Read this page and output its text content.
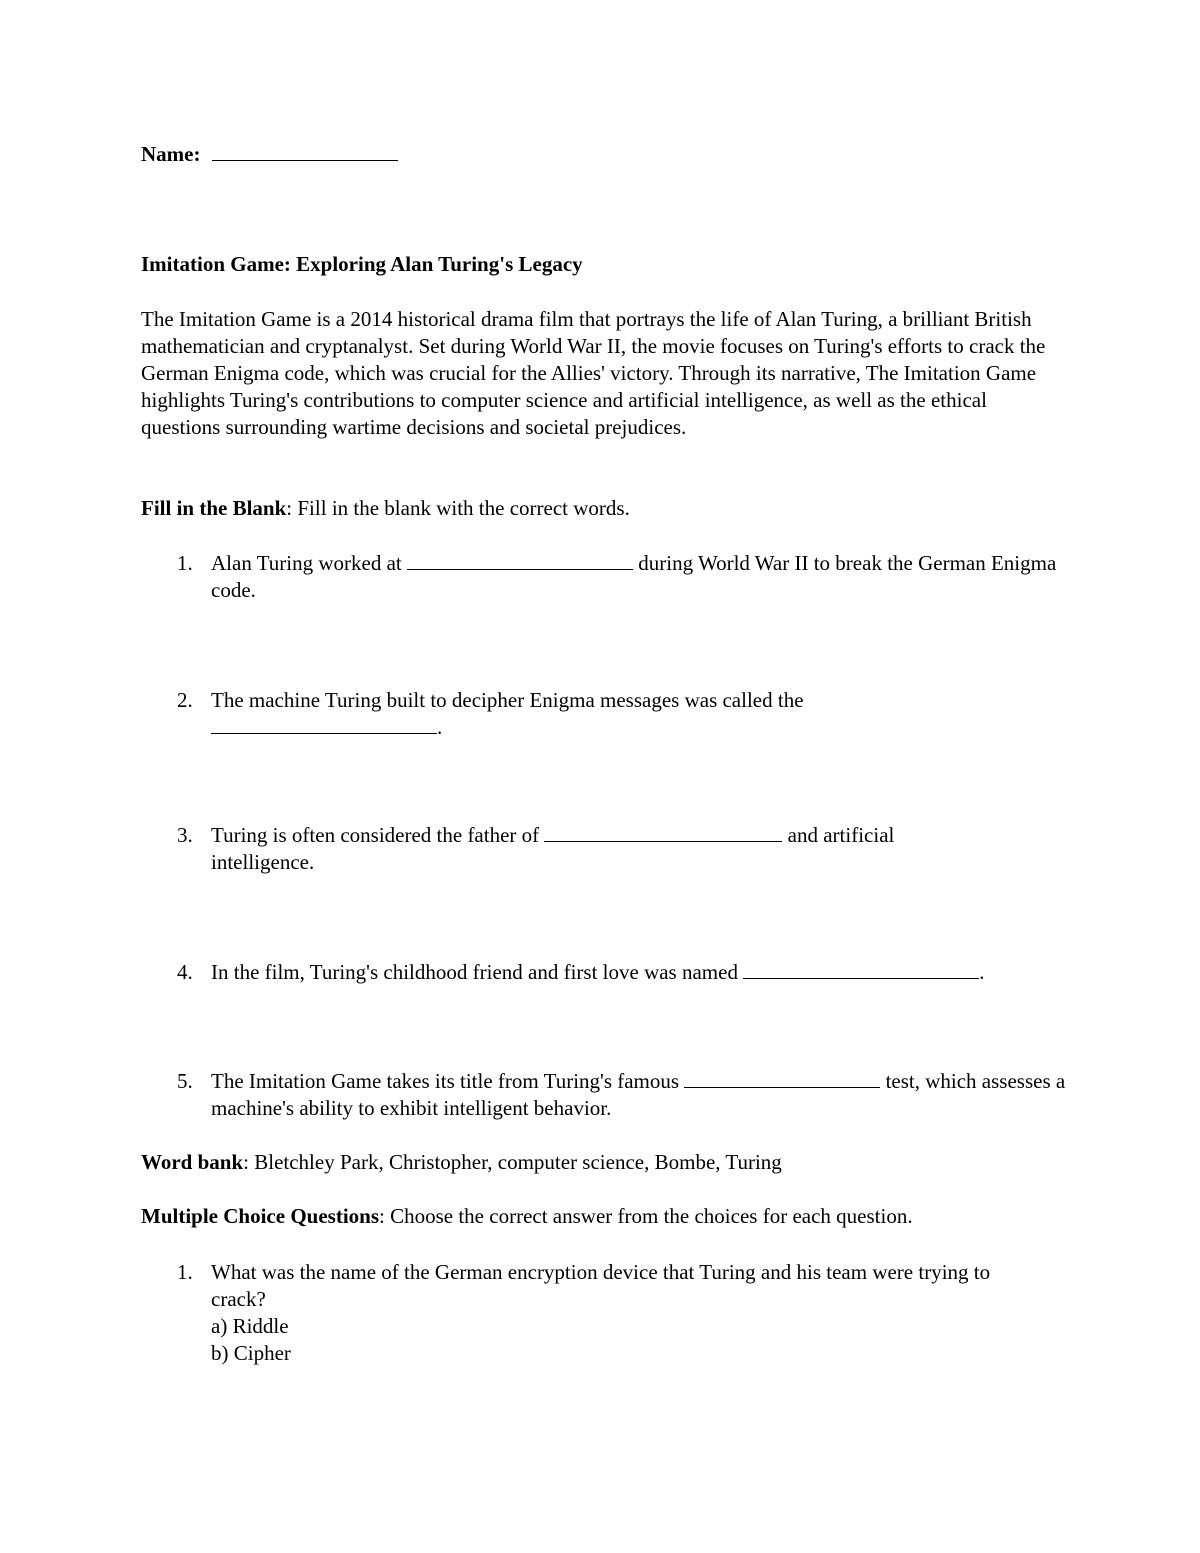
Name:
Imitation Game: Exploring Alan Turing's Legacy

The Imitation Game is a 2014 historical drama film that portrays the life of Alan Turing, a brilliant British mathematician and cryptanalyst. Set during World War II, the movie focuses on Turing's efforts to crack the German Enigma code, which was crucial for the Allies' victory. Through its narrative, The Imitation Game highlights Turing's contributions to computer science and artificial intelligence, as well as the ethical questions surrounding wartime decisions and societal prejudices.

Fill in the Blank: Fill in the blank with the correct words.

1. Alan Turing worked at	during World War II to break the German Enigma code.
2. The machine Turing built to decipher Enigma messages was called the .
3. Turing is often considered the father of	and artificial intelligence.
4. In the film, Turing's childhood friend and first love was named	.
5. The Imitation Game takes its title from Turing's famous	test, which assesses a machine's ability to exhibit intelligent behavior.

Word bank: Bletchley Park, Christopher, computer science, Bombe, Turing

Multiple Choice Questions: Choose the correct answer from the choices for each question.

1. What was the name of the German encryption device that Turing and his team were trying to crack?
a) Riddle
b) Cipher
